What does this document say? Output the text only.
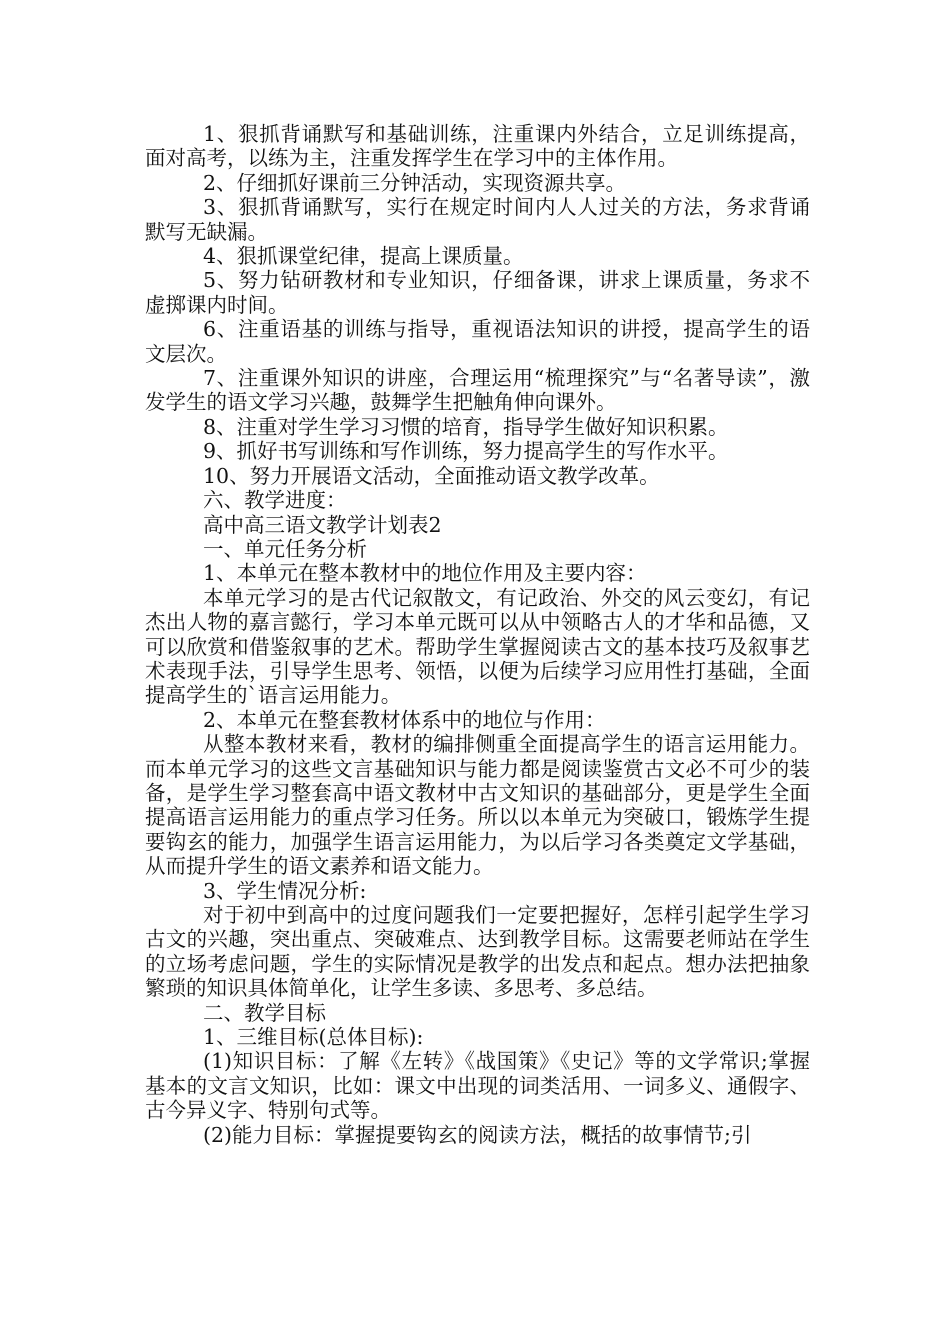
1、狠抓背诵默写和基础训练，注重课内外结合，立足训练提高，面对高考，以练为主，注重发挥学生在学习中的主体作用。

2、仔细抓好课前三分钟活动，实现资源共享。

3、狠抓背诵默写，实行在规定时间内人人过关的方法，务求背诵默写无缺漏。

4、狠抓课堂纪律，提高上课质量。

5、努力钻研教材和专业知识，仔细备课，讲求上课质量，务求不虚掷课内时间。

6、注重语基的训练与指导，重视语法知识的讲授，提高学生的语文层次。

7、注重课外知识的讲座，合理运用“梳理探究”与“名著导读”，激发学生的语文学习兴趣，鼓舞学生把触角伸向课外。

8、注重对学生学习习惯的培育，指导学生做好知识积累。

9、抓好书写训练和写作训练，努力提高学生的写作水平。

10、努力开展语文活动，全面推动语文教学改革。

六、教学进度：

高中高三语文教学计划表2

一、单元任务分析

1、本单元在整本教材中的地位作用及主要内容：

本单元学习的是古代记叙散文，有记政治、外交的风云变幻，有记杰出人物的嘉言懿行，学习本单元既可以从中领略古人的才华和品德，又可以欣赏和借鉴叙事的艺术。帮助学生掌握阅读古文的基本技巧及叙事艺术表现手法，引导学生思考、领悟，以便为后续学习应用性打基础，全面提高学生的`语言运用能力。

2、本单元在整套教材体系中的地位与作用：

从整本教材来看，教材的编排侧重全面提高学生的语言运用能力。而本单元学习的这些文言基础知识与能力都是阅读鉴赏古文必不可少的装备，是学生学习整套高中语文教材中古文知识的基础部分，更是学生全面提高语言运用能力的重点学习任务。所以以本单元为突破口，锻炼学生提要钩玄的能力，加强学生语言运用能力，为以后学习各类奠定文学基础，从而提升学生的语文素养和语文能力。

3、学生情况分析:

对于初中到高中的过度问题我们一定要把握好，怎样引起学生学习古文的兴趣，突出重点、突破难点、达到教学目标。这需要老师站在学生的立场考虑问题，学生的实际情况是教学的出发点和起点。想办法把抽象繁琐的知识具体简单化，让学生多读、多思考、多总结。

二、教学目标

1、三维目标(总体目标):

(1)知识目标：了解《左转》《战国策》《史记》等的文学常识;掌握基本的文言文知识，比如：课文中出现的词类活用、一词多义、通假字、古今异义字、特别句式等。

(2)能力目标：掌握提要钩玄的阅读方法，概括的故事情节;引
